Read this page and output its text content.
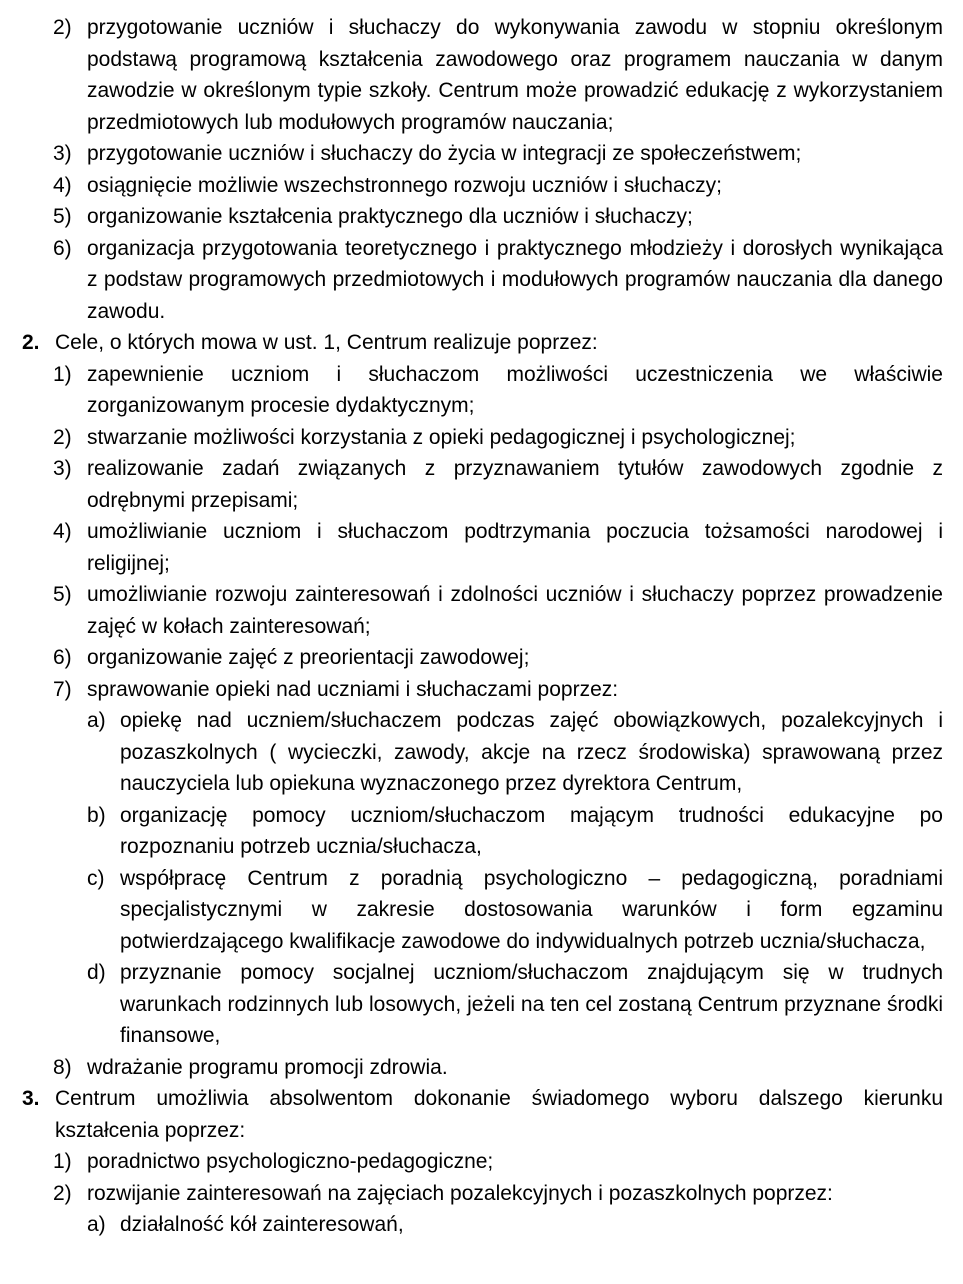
2) przygotowanie uczniów i słuchaczy do wykonywania zawodu w stopniu określonym podstawą programową kształcenia zawodowego oraz programem nauczania w danym zawodzie w określonym typie szkoły. Centrum może prowadzić edukację z wykorzystaniem przedmiotowych lub modułowych programów nauczania;
3) przygotowanie uczniów i słuchaczy do życia w integracji ze społeczeństwem;
4) osiągnięcie możliwie wszechstronnego rozwoju uczniów i słuchaczy;
5) organizowanie kształcenia praktycznego dla uczniów i słuchaczy;
6) organizacja przygotowania teoretycznego i praktycznego młodzieży i dorosłych wynikająca z podstaw programowych przedmiotowych i modułowych programów nauczania dla danego zawodu.
2. Cele, o których mowa w ust. 1, Centrum realizuje poprzez:
1) zapewnienie uczniom i słuchaczom możliwości uczestniczenia we właściwie zorganizowanym procesie dydaktycznym;
2) stwarzanie możliwości korzystania z opieki pedagogicznej i psychologicznej;
3) realizowanie zadań związanych z przyznawaniem tytułów zawodowych zgodnie z odrębnymi przepisami;
4) umożliwianie uczniom i słuchaczom podtrzymania poczucia tożsamości narodowej i religijnej;
5) umożliwianie rozwoju zainteresowań i zdolności uczniów i słuchaczy poprzez prowadzenie zajęć w kołach zainteresowań;
6) organizowanie zajęć z preorientacji zawodowej;
7) sprawowanie opieki nad uczniami i słuchaczami poprzez:
a) opiekę nad uczniem/słuchaczem podczas zajęć obowiązkowych, pozalekcyjnych i pozaszkolnych ( wycieczki, zawody, akcje na rzecz środowiska) sprawowaną przez nauczyciela lub opiekuna wyznaczonego przez dyrektora Centrum,
b) organizację pomocy uczniom/słuchaczom mającym trudności edukacyjne po rozpoznaniu potrzeb ucznia/słuchacza,
c) współpracę Centrum z poradnią psychologiczno – pedagogiczną, poradniami specjalistycznymi w zakresie dostosowania warunków i form egzaminu potwierdzającego kwalifikacje zawodowe do indywidualnych potrzeb ucznia/słuchacza,
d) przyznanie pomocy socjalnej uczniom/słuchaczom znajdującym się w trudnych warunkach rodzinnych lub losowych, jeżeli na ten cel zostaną Centrum przyznane środki finansowe,
8) wdrażanie programu promocji zdrowia.
3. Centrum umożliwia absolwentom dokonanie świadomego wyboru dalszego kierunku kształcenia poprzez:
1) poradnictwo psychologiczno-pedagogiczne;
2) rozwijanie zainteresowań na zajęciach pozalekcyjnych i pozaszkolnych poprzez:
a) działalność kół zainteresowań,
